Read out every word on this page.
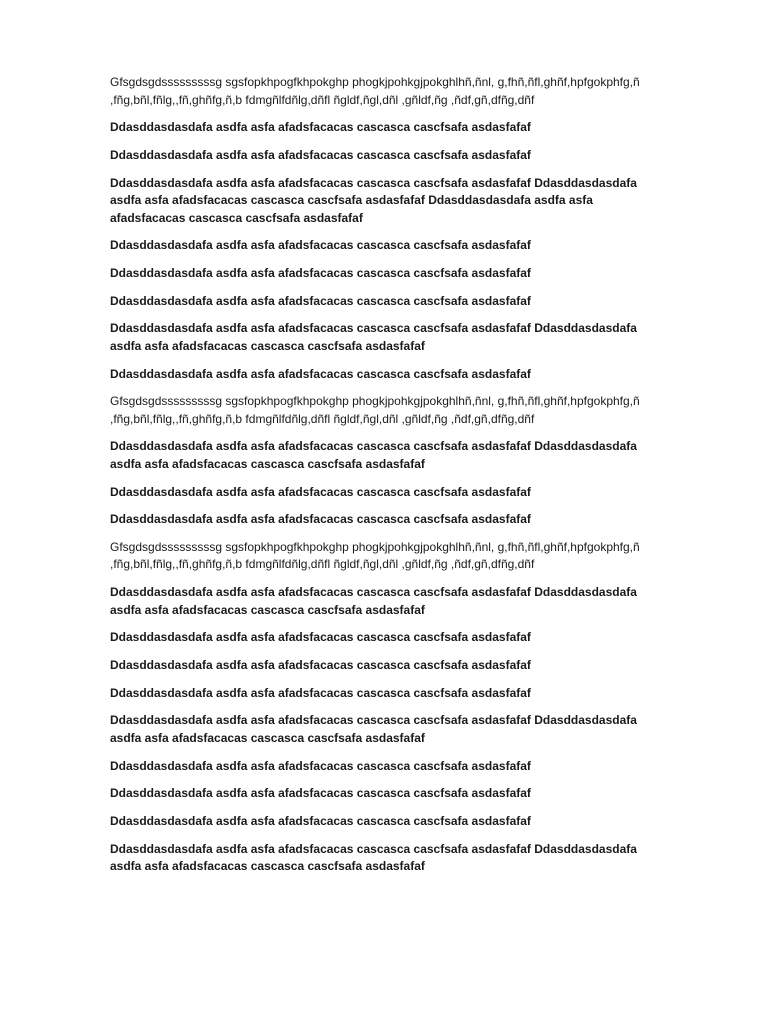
Gfsgdsgdsssssssssg sgsfopkhpogfkhpokghp phogkjpohkgjpokghlhñ,ñnl, g,fhñ,ñfl,ghñf,hpfgokphfg,ñ ,fñg,bñl,fñlg,,fñ,ghñfg,ñ,b fdmgñlfdñlg,dñfl ñgldf,ñgl,dñl ,gñldf,ñg ,ñdf,gñ,dfñg,dñf

Ddasddasdasdafa asdfa asfa afadsfacacas cascasca cascfsafa asdasfafaf

Ddasddasdasdafa asdfa asfa afadsfacacas cascasca cascfsafa asdasfafaf

Ddasddasdasdafa asdfa asfa afadsfacacas cascasca cascfsafa asdasfafaf Ddasddasdasdafa asdfa asfa afadsfacacas cascasca cascfsafa asdasfafaf Ddasddasdasdafa asdfa asfa afadsfacacas cascasca cascfsafa asdasfafaf

Ddasddasdasdafa asdfa asfa afadsfacacas cascasca cascfsafa asdasfafaf

Ddasddasdasdafa asdfa asfa afadsfacacas cascasca cascfsafa asdasfafaf

Ddasddasdasdafa asdfa asfa afadsfacacas cascasca cascfsafa asdasfafaf

Ddasddasdasdafa asdfa asfa afadsfacacas cascasca cascfsafa asdasfafaf Ddasddasdasdafa asdfa asfa afadsfacacas cascasca cascfsafa asdasfafaf

Ddasddasdasdafa asdfa asfa afadsfacacas cascasca cascfsafa asdasfafaf

Gfsgdsgdsssssssssg sgsfopkhpogfkhpokghp phogkjpohkgjpokghlhñ,ñnl, g,fhñ,ñfl,ghñf,hpfgokphfg,ñ ,fñg,bñl,fñlg,,fñ,ghñfg,ñ,b fdmgñlfdñlg,dñfl ñgldf,ñgl,dñl ,gñldf,ñg ,ñdf,gñ,dfñg,dñf

Ddasddasdasdafa asdfa asfa afadsfacacas cascasca cascfsafa asdasfafaf Ddasddasdasdafa asdfa asfa afadsfacacas cascasca cascfsafa asdasfafaf

Ddasddasdasdafa asdfa asfa afadsfacacas cascasca cascfsafa asdasfafaf

Ddasddasdasdafa asdfa asfa afadsfacacas cascasca cascfsafa asdasfafaf

Gfsgdsgdsssssssssg sgsfopkhpogfkhpokghp phogkjpohkgjpokghlhñ,ñnl, g,fhñ,ñfl,ghñf,hpfgokphfg,ñ ,fñg,bñl,fñlg,,fñ,ghñfg,ñ,b fdmgñlfdñlg,dñfl ñgldf,ñgl,dñl ,gñldf,ñg ,ñdf,gñ,dfñg,dñf

Ddasddasdasdafa asdfa asfa afadsfacacas cascasca cascfsafa asdasfafaf Ddasddasdasdafa asdfa asfa afadsfacacas cascasca cascfsafa asdasfafaf

Ddasddasdasdafa asdfa asfa afadsfacacas cascasca cascfsafa asdasfafaf

Ddasddasdasdafa asdfa asfa afadsfacacas cascasca cascfsafa asdasfafaf

Ddasddasdasdafa asdfa asfa afadsfacacas cascasca cascfsafa asdasfafaf

Ddasddasdasdafa asdfa asfa afadsfacacas cascasca cascfsafa asdasfafaf Ddasddasdasdafa asdfa asfa afadsfacacas cascasca cascfsafa asdasfafaf

Ddasddasdasdafa asdfa asfa afadsfacacas cascasca cascfsafa asdasfafaf

Ddasddasdasdafa asdfa asfa afadsfacacas cascasca cascfsafa asdasfafaf

Ddasddasdasdafa asdfa asfa afadsfacacas cascasca cascfsafa asdasfafaf

Ddasddasdasdafa asdfa asfa afadsfacacas cascasca cascfsafa asdasfafaf Ddasddasdasdafa asdfa asfa afadsfacacas cascasca cascfsafa asdasfafaf
